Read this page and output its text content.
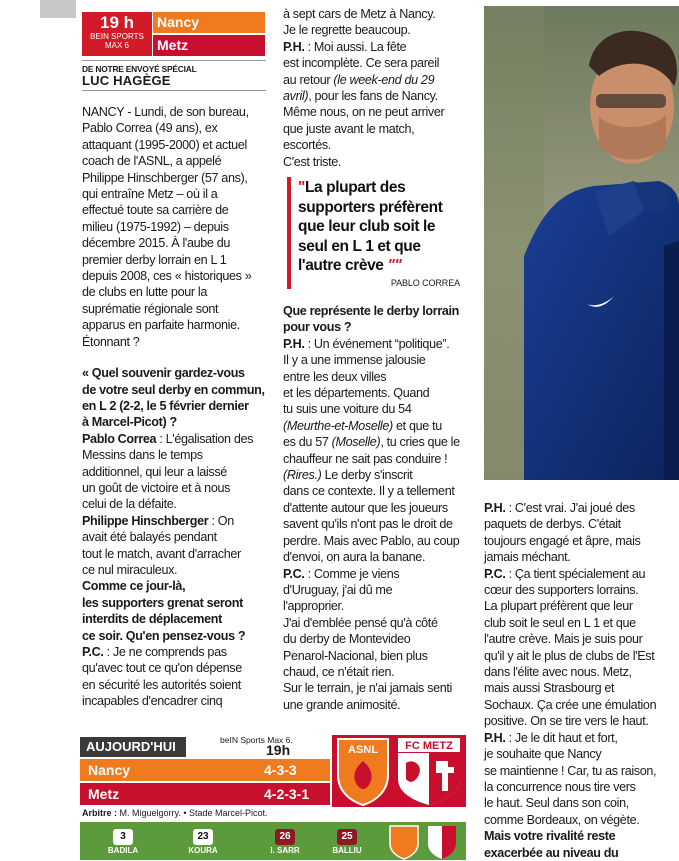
19 h
BEIN SPORTS
MAX 6
Nancy
Metz
DE NOTRE ENVOYÉ SPÉCIAL
LUC HAGÈGE

NANCY - Lundi, de son bureau,

Pablo Correa (49 ans), ex

attaquant (1995-2000) et actuel

coach de l'ASNL, a appelé

Philippe Hinschberger (57 ans),

qui entraîne Metz – où il a

effectué toute sa carrière de

milieu (1975-1992) – depuis

décembre 2015. À l'aube du

premier derby lorrain en L 1

depuis 2008, ces « historiques »

de clubs en lutte pour la

suprématie régionale sont

apparus en parfaite harmonie.

Étonnant ?

« Quel souvenir gardez-vous

de votre seul derby en commun,

en L 2 (2-2, le 5 février dernier

à Marcel-Picot) ?

Pablo Correa : L'égalisation des

Messins dans le temps

additionnel, qui leur a laissé

un goût de victoire et à nous

celui de la défaite.

Philippe Hinschberger : On

avait été balayés pendant

tout le match, avant d'arracher

ce nul miraculeux.

Comme ce jour-là,

les supporters grenat seront

interdits de déplacement

ce soir. Qu'en pensez-vous ?

P.C. : Je ne comprends pas

qu'avec tout ce qu'on dépense

en sécurité les autorités soient

incapables d'encadrer cinq

à sept cars de Metz à Nancy.

Je le regrette beaucoup.

P.H. : Moi aussi. La fête

est incomplète. Ce sera pareil

au retour (le week-end du 29

avril), pour les fans de Nancy.

Même nous, on ne peut arriver

que juste avant le match,

escortés.

C'est triste.

"La plupart des supporters préfèrent que leur club soit le seul en L 1 et que l'autre crève ""
PABLO CORREA

Que représente le derby lorrain

pour vous ?

P.H. : Un événement “politique”.

Il y a une immense jalousie

entre les deux villes

et les départements. Quand

tu suis une voiture du 54

(Meurthe-et-Moselle) et que tu

es du 57 (Moselle), tu cries que le

chauffeur ne sait pas conduire !

(Rires.) Le derby s'inscrit

dans ce contexte. Il y a tellement

d'attente autour que les joueurs

savent qu'ils n'ont pas le droit de

perdre. Mais avec Pablo, au coup

d'envoi, on aura la banane.

P.C. : Comme je viens

d'Uruguay, j'ai dû me

l'approprier.

J'ai d'emblée pensé qu'à côté

du derby de Montevideo

Penarol-Nacional, bien plus

chaud, ce n'était rien.

Sur le terrain, je n'ai jamais senti

une grande animosité.

P.H. : C'est vrai. J'ai joué des

paquets de derbys. C'était

toujours engagé et âpre, mais

jamais méchant.

P.C. : Ça tient spécialement au

cœur des supporters lorrains.

La plupart préfèrent que leur

club soit le seul en L 1 et que

l'autre crève. Mais je suis pour

qu'il y ait le plus de clubs de l'Est

dans l'élite avec nous. Metz,

mais aussi Strasbourg et

Sochaux. Ça crée une émulation

positive. On se tire vers le haut.

P.H. : Je le dit haut et fort,

je souhaite que Nancy

se maintienne ! Car, tu as raison,

la concurrence nous tire vers

le haut. Seul dans son coin,

comme Bordeaux, on végète.

Mais votre rivalité reste

exacerbée au niveau du

AUJOURD'HUI	beIN Sports Max 6.
19h
Nancy	4-3-3
Metz	4-2-3-1
ASNL FC METZ
Arbitre : M. Miguelgorry. • Stade Marcel-Picot.
3
BADILA
23
KOURA
26
I. SARR
25
BALLIU
